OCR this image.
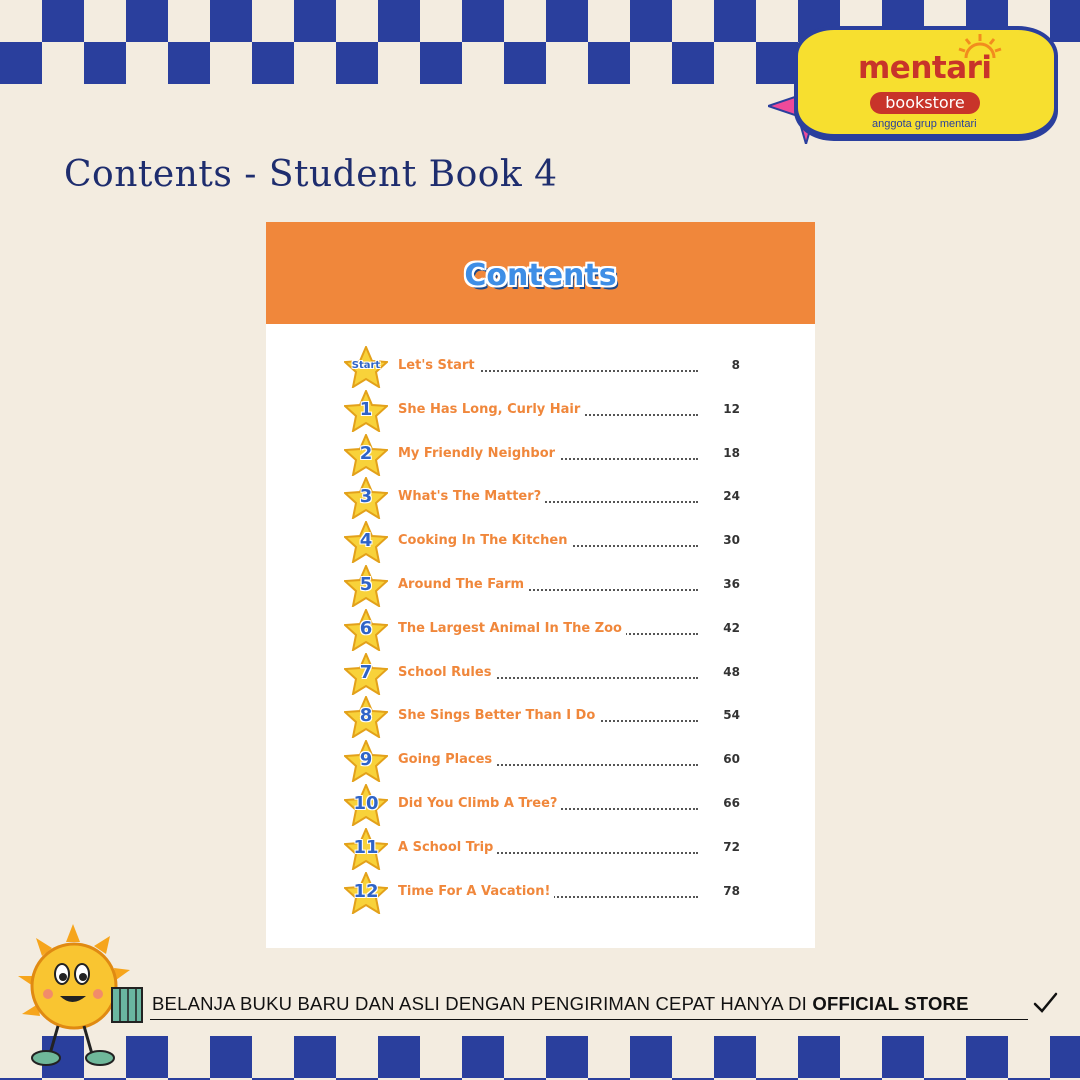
mentari
bookstore
anggota grup mentari
Contents - Student Book 4
Contents
Start	Let's Start	8
1	She Has Long, Curly Hair	12
2	My Friendly Neighbor	18
3	What's The Matter?	24
4	Cooking In The Kitchen	30
5	Around The Farm	36
6	The Largest Animal In The Zoo	42
7	School Rules	48
8	She Sings Better Than I Do	54
9	Going Places	60
10	Did You Climb A Tree?	66
11	A School Trip	72
12	Time For A Vacation!	78
BELANJA BUKU BARU DAN ASLI DENGAN PENGIRIMAN CEPAT HANYA DI OFFICIAL STORE
